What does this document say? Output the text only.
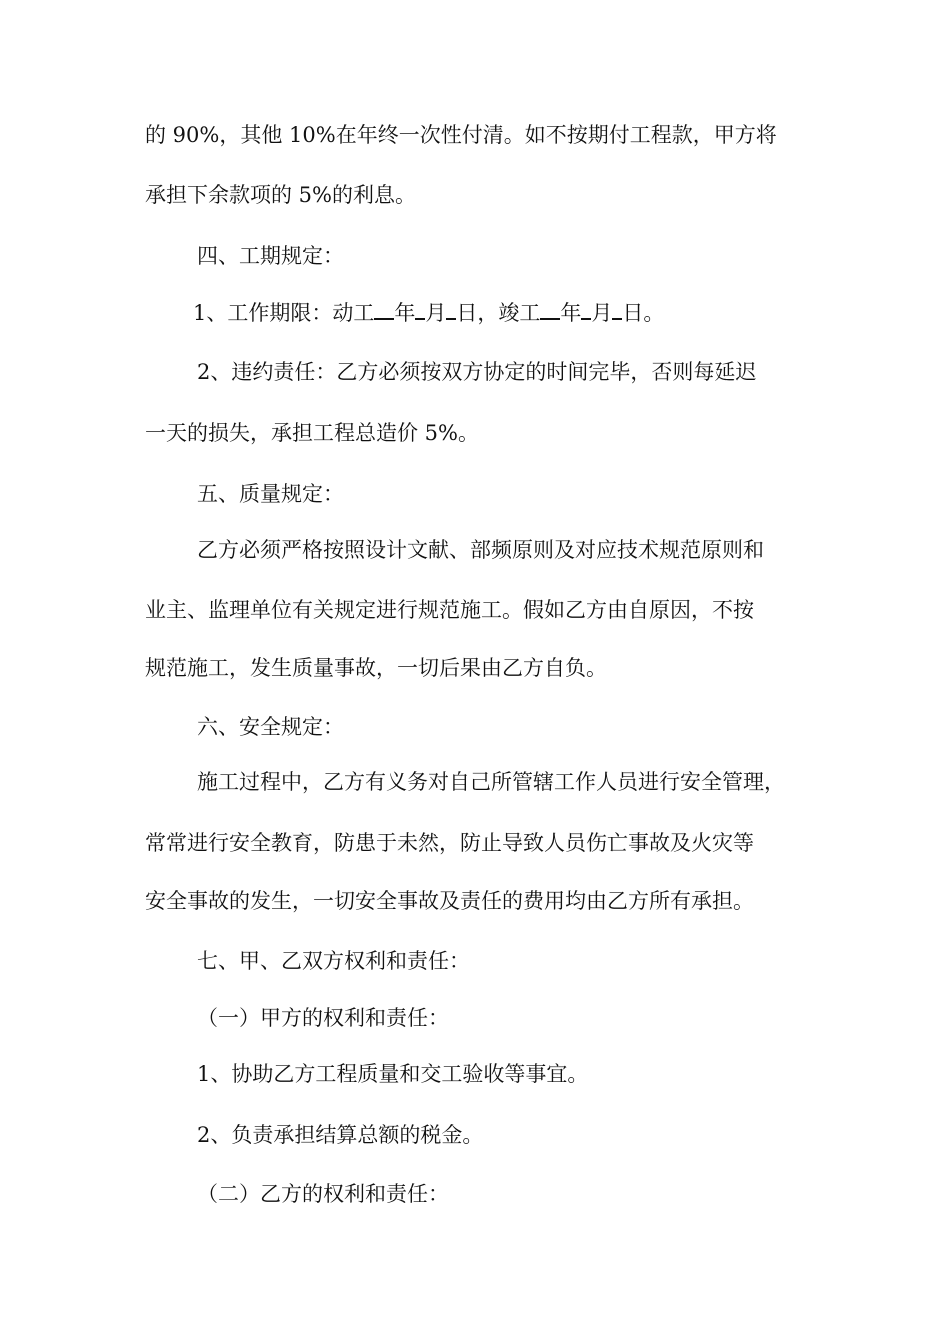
的 90%，其他 10%在年终一次性付清。如不按期付工程款，甲方将
承担下余款项的 5%的利息。
四、工期规定：
1、工作期限：动工 年 月 日，竣工 年 月 日。
2、违约责任：乙方必须按双方协定的时间完毕，否则每延迟
一天的损失，承担工程总造价 5%。
五、质量规定：
乙方必须严格按照设计文献、部频原则及对应技术规范原则和
业主、监理单位有关规定进行规范施工。假如乙方由自原因，不按
规范施工，发生质量事故，一切后果由乙方自负。
六、安全规定：
施工过程中，乙方有义务对自己所管辖工作人员进行安全管理，
常常进行安全教育，防患于未然，防止导致人员伤亡事故及火灾等
安全事故的发生，一切安全事故及责任的费用均由乙方所有承担。
七、甲、乙双方权利和责任：
（一）甲方的权利和责任：
1、协助乙方工程质量和交工验收等事宜。
2、负责承担结算总额的税金。
（二）乙方的权利和责任：
